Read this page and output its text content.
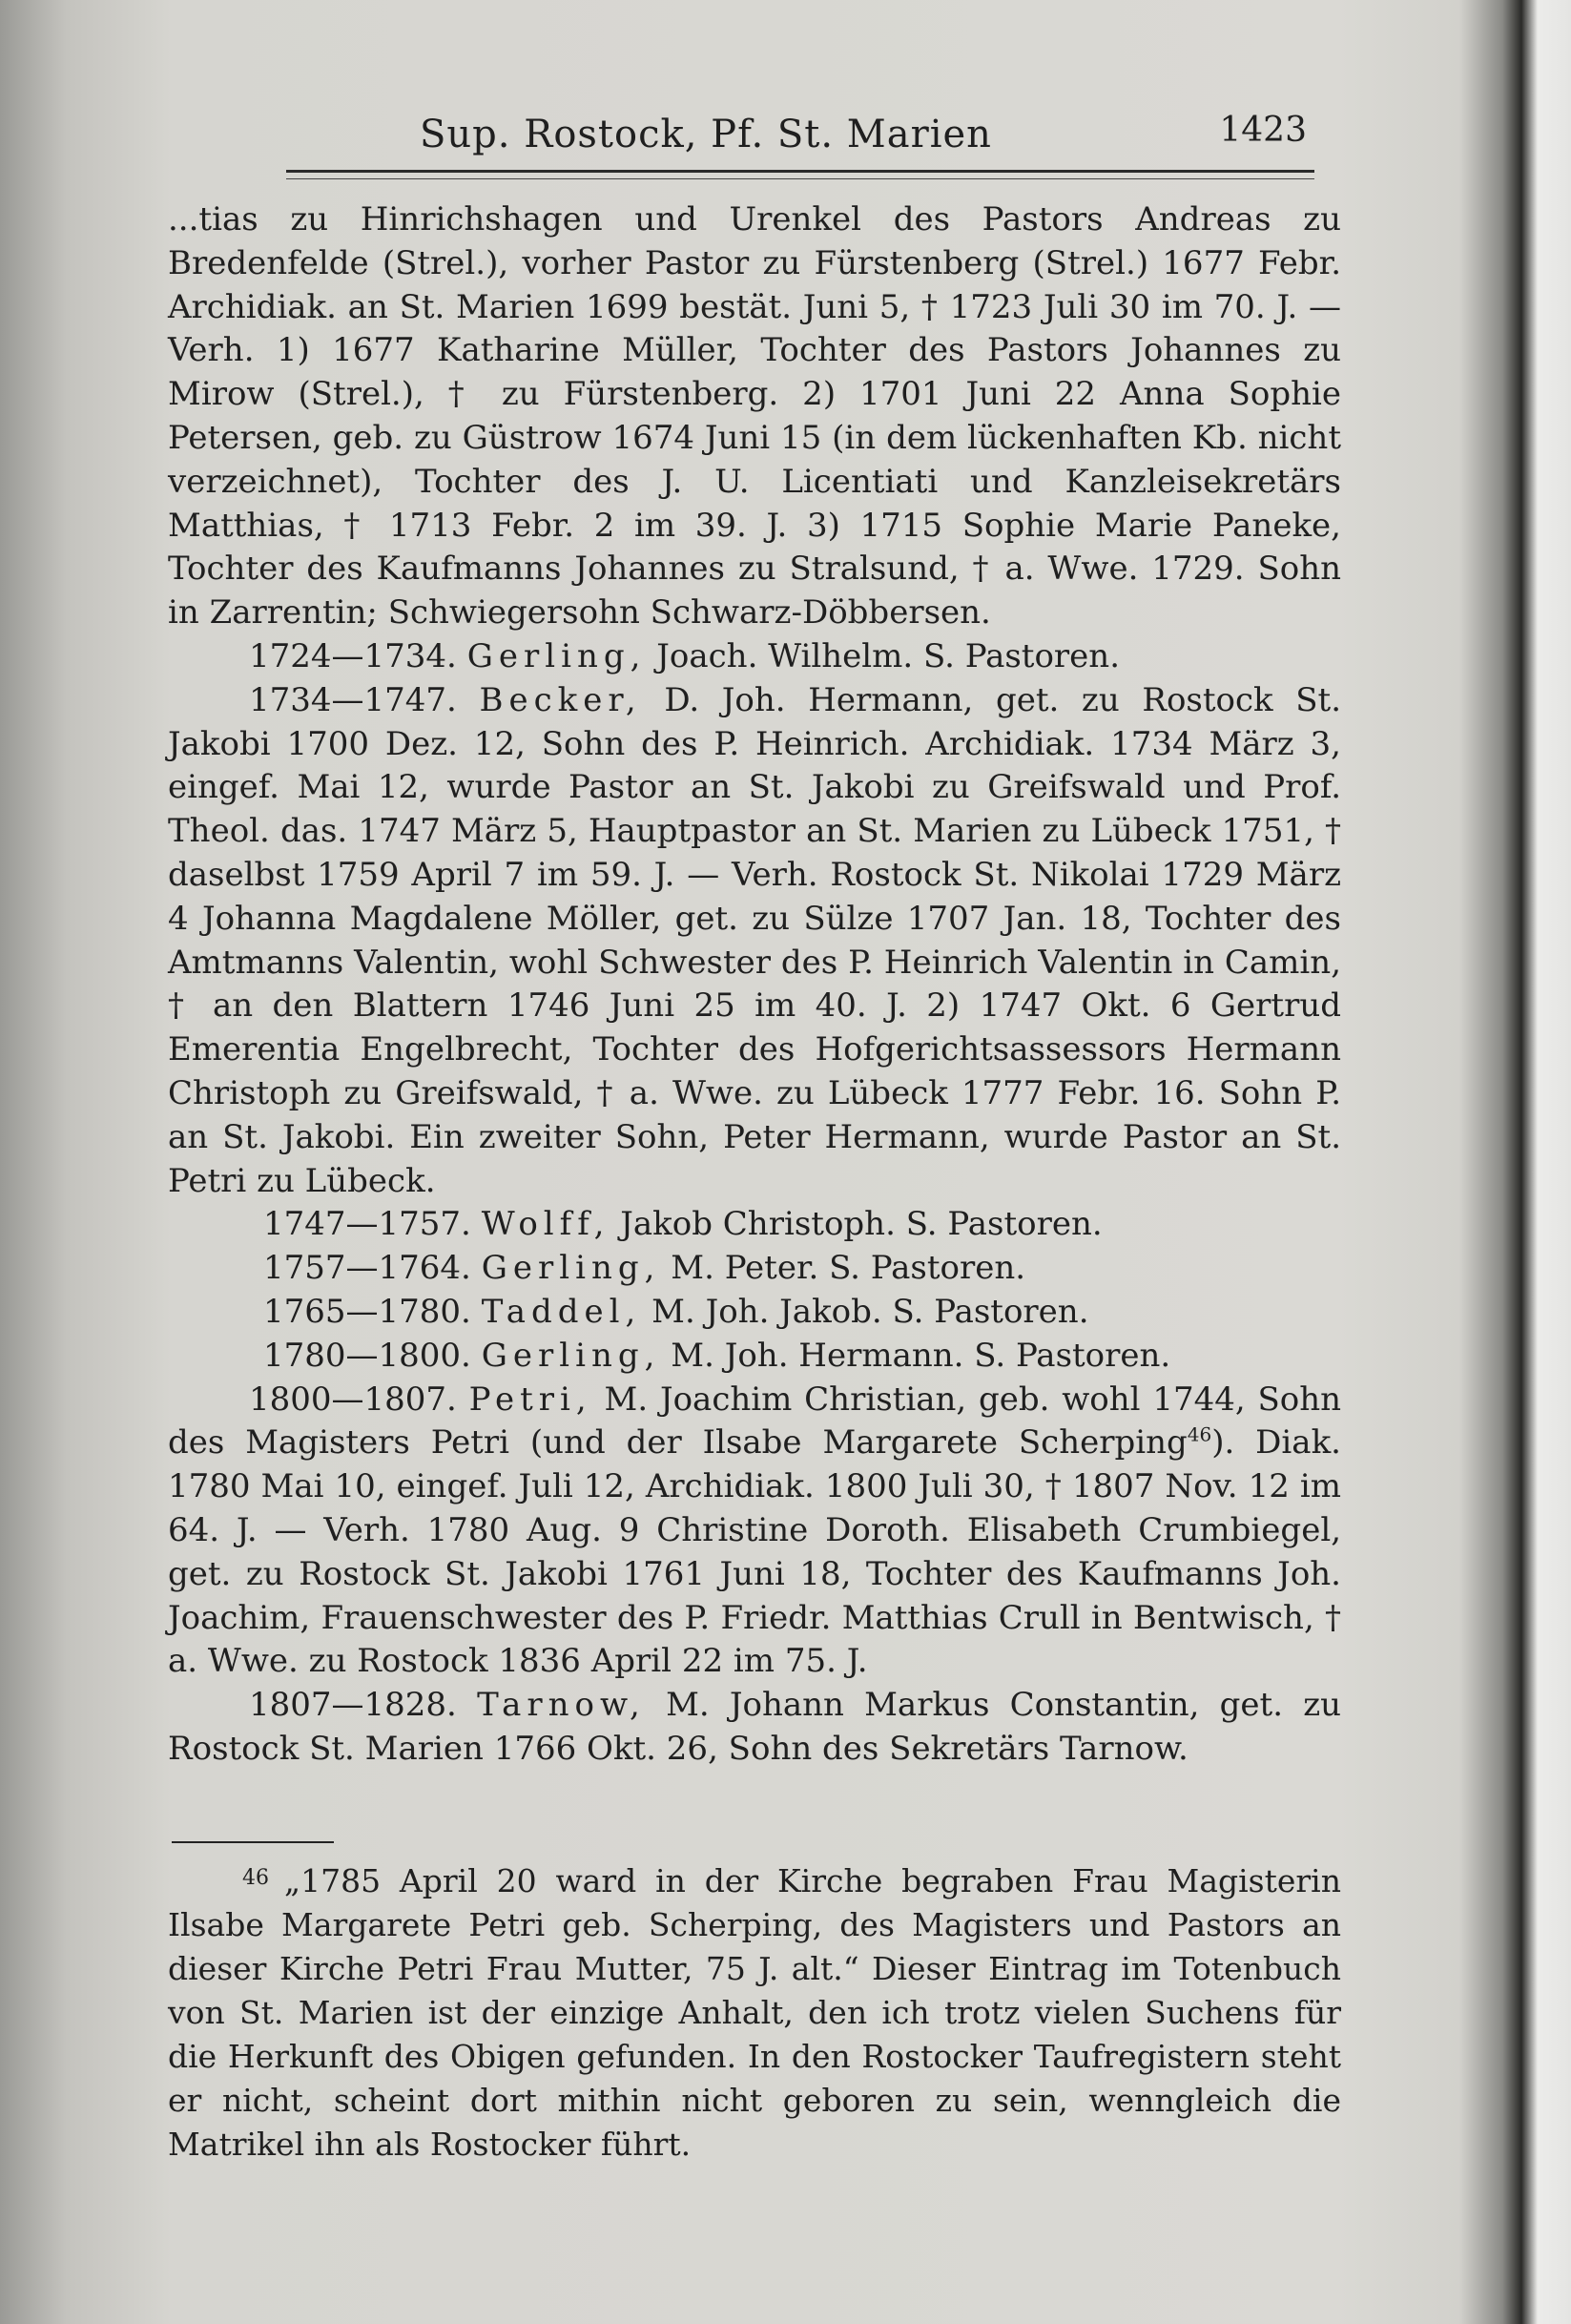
Sup. Rostock, Pf. St. Marien	1423

...tias zu Hinrichshagen und Urenkel des Pastors Andreas zu Bredenfelde (Strel.), vorher Pastor zu Fürstenberg (Strel.) 1677 Febr. Archidiak. an St. Marien 1699 bestät. Juni 5, † 1723 Juli 30 im 70. J. — Verh. 1) 1677 Katharine Müller, Tochter des Pastors Johannes zu Mirow (Strel.), † zu Fürstenberg. 2) 1701 Juni 22 Anna Sophie Petersen, geb. zu Güstrow 1674 Juni 15 (in dem lückenhaften Kb. nicht verzeichnet), Tochter des J. U. Licentiati und Kanzleisekretärs Matthias, † 1713 Febr. 2 im 39. J. 3) 1715 Sophie Marie Paneke, Tochter des Kaufmanns Johannes zu Stralsund, † a. Wwe. 1729. Sohn in Zarrentin; Schwiegersohn Schwarz-Döbbersen.

1724—1734. Gerling, Joach. Wilhelm. S. Pastoren.

1734—1747. Becker, D. Joh. Hermann, get. zu Rostock St. Jakobi 1700 Dez. 12, Sohn des P. Heinrich. Archidiak. 1734 März 3, eingef. Mai 12, wurde Pastor an St. Jakobi zu Greifswald und Prof. Theol. das. 1747 März 5, Hauptpastor an St. Marien zu Lübeck 1751, † daselbst 1759 April 7 im 59. J. — Verh. Rostock St. Nikolai 1729 März 4 Johanna Magdalene Möller, get. zu Sülze 1707 Jan. 18, Tochter des Amtmanns Valentin, wohl Schwester des P. Heinrich Valentin in Camin, † an den Blattern 1746 Juni 25 im 40. J. 2) 1747 Okt. 6 Gertrud Emerentia Engelbrecht, Tochter des Hofgerichtsassessors Hermann Christoph zu Greifswald, † a. Wwe. zu Lübeck 1777 Febr. 16. Sohn P. an St. Jakobi. Ein zweiter Sohn, Peter Hermann, wurde Pastor an St. Petri zu Lübeck.

1747—1757. Wolff, Jakob Christoph. S. Pastoren.

1757—1764. Gerling, M. Peter. S. Pastoren.

1765—1780. Taddel, M. Joh. Jakob. S. Pastoren.

1780—1800. Gerling, M. Joh. Hermann. S. Pastoren.

1800—1807. Petri, M. Joachim Christian, geb. wohl 1744, Sohn des Magisters Petri (und der Ilsabe Margarete Scherping$^{46}$). Diak. 1780 Mai 10, eingef. Juli 12, Archidiak. 1800 Juli 30, † 1807 Nov. 12 im 64. J. — Verh. 1780 Aug. 9 Christine Doroth. Elisabeth Crumbiegel, get. zu Rostock St. Jakobi 1761 Juni 18, Tochter des Kaufmanns Joh. Joachim, Frauenschwester des P. Friedr. Matthias Crull in Bentwisch, † a. Wwe. zu Rostock 1836 April 22 im 75. J.

1807—1828. Tarnow, M. Johann Markus Constantin, get. zu Rostock St. Marien 1766 Okt. 26, Sohn des Sekretärs Tarnow.

$^{46}$ „1785 April 20 ward in der Kirche begraben Frau Magisterin Ilsabe Margarete Petri geb. Scherping, des Magisters und Pastors an dieser Kirche Petri Frau Mutter, 75 J. alt.“ Dieser Eintrag im Totenbuch von St. Marien ist der einzige Anhalt, den ich trotz vielen Suchens für die Herkunft des Obigen gefunden. In den Rostocker Taufregistern steht er nicht, scheint dort mithin nicht geboren zu sein, wenngleich die Matrikel ihn als Rostocker führt.
